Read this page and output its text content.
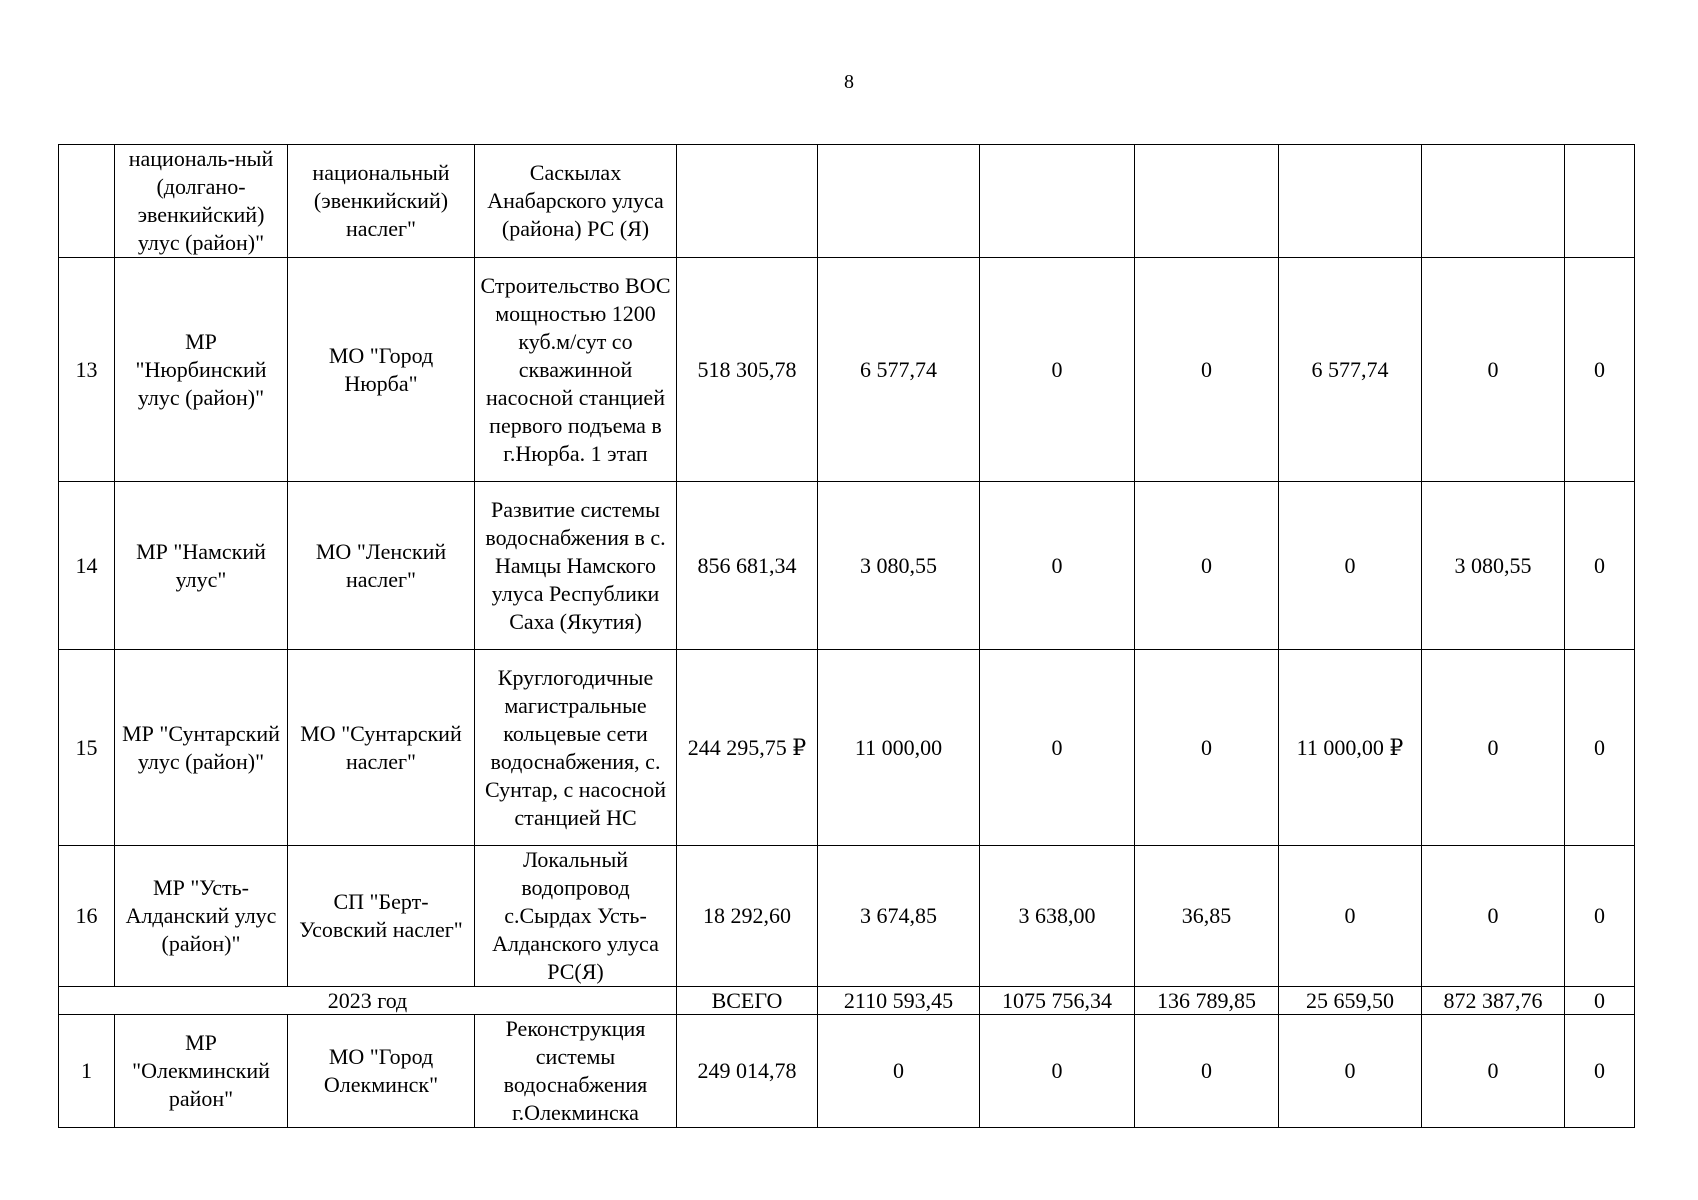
8
	националь-ный (долгано-эвенкийский) улус (район)"	национальный (эвенкийский) наслег"	Саскылах Анабарского улуса (района) РС (Я)							
13	МР "Нюрбинский улус (район)"	МО "Город Нюрба"	Строительство ВОС мощностью 1200 куб.м/сут со скважинной насосной станцией первого подъема в г.Нюрба. 1 этап	518 305,78	6 577,74	0	0	6 577,74	0	0
14	МР "Намский улус"	МО "Ленский наслег"	Развитие системы водоснабжения в с. Намцы Намского улуса Республики Саха (Якутия)	856 681,34	3 080,55	0	0	0	3 080,55	0
15	МР "Сунтарский улус (район)"	МО "Сунтарский наслег"	Круглогодичные магистральные кольцевые сети водоснабжения, с. Сунтар, с насосной станцией НС	244 295,75 ₽	11 000,00	0	0	11 000,00 ₽	0	0
16	МР "Усть-Алданский улус (район)"	СП "Берт-Усовский наслег"	Локальный водопровод с.Сырдах Усть-Алданского улуса РС(Я)	18 292,60	3 674,85	3 638,00	36,85	0	0	0
2023 год				ВСЕГО	2110 593,45	1075 756,34	136 789,85	25 659,50	872 387,76	0
1	МР "Олекминский район"	МО "Город Олекминск"	Реконструкция системы водоснабжения г.Олекминска	249 014,78	0	0	0	0	0	0
